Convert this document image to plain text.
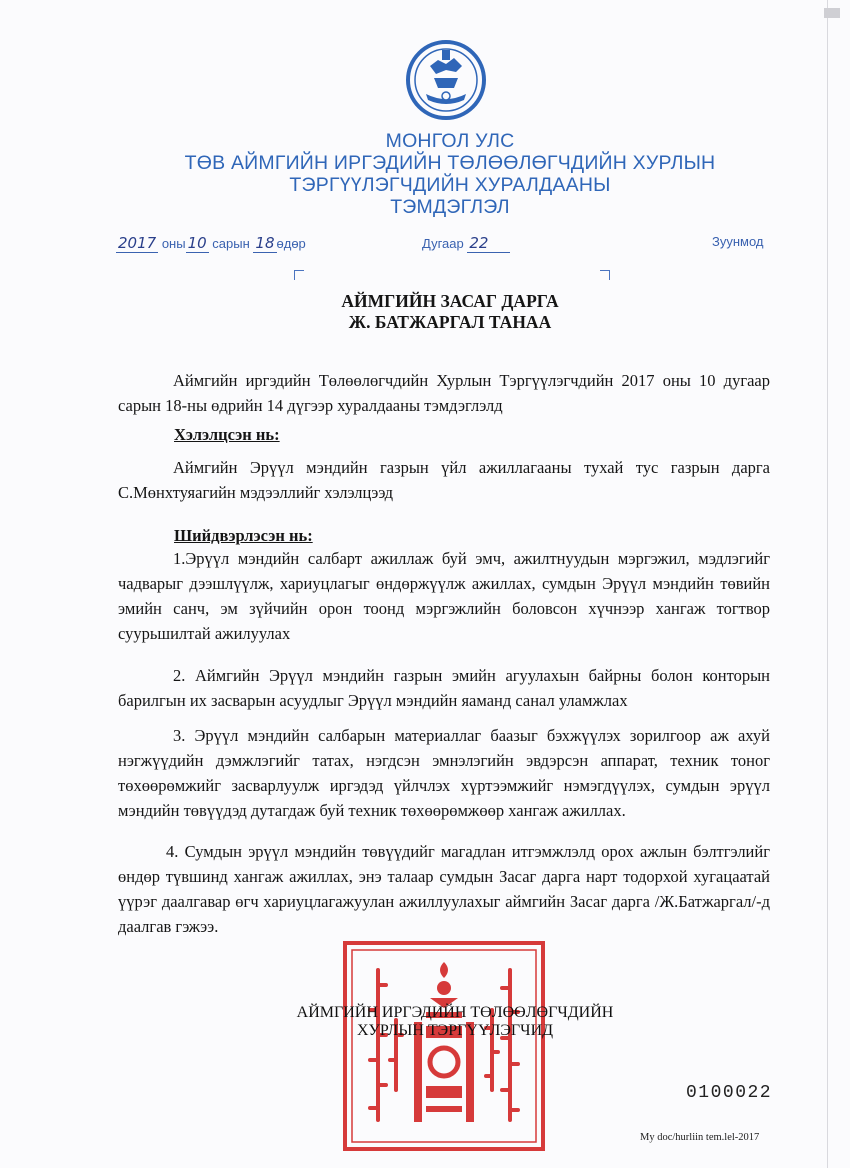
МОНГОЛ УЛС
ТӨВ АЙМГИЙН ИРГЭДИЙН ТӨЛӨӨЛӨГЧДИЙН ХУРЛЫН
ТЭРГҮҮЛЭГЧДИЙН ХУРАЛДААНЫ
ТЭМДЭГЛЭЛ
2017 оны 10 сарын 18 өдөр	Дугаар 22	Зуунмод
АЙМГИЙН ЗАСАГ ДАРГА
Ж. БАТЖАРГАЛ ТАНАА
Аймгийн иргэдийн Төлөөлөгчдийн Хурлын Тэргүүлэгчдийн 2017 оны 10 дугаар сарын 18-ны өдрийн 14 дүгээр хуралдааны тэмдэглэлд
Хэлэлцсэн нь:
Аймгийн Эрүүл мэндийн газрын үйл ажиллагааны тухай тус газрын дарга С.Мөнхтуяагийн мэдээллийг хэлэлцээд
Шийдвэрлэсэн нь:
1.Эрүүл мэндийн салбарт ажиллаж буй эмч, ажилтнуудын мэргэжил, мэдлэгийг чадварыг дээшлүүлж, хариуцлагыг өндөржүүлж ажиллах, сумдын Эрүүл мэндийн төвийн эмийн санч, эм зүйчийн орон тоонд мэргэжлийн боловсон хүчнээр хангаж тогтвор суурьшилтай ажилуулах
2. Аймгийн Эрүүл мэндийн газрын эмийн агуулахын байрны болон конторын барилгын их засварын асуудлыг Эрүүл мэндийн яаманд санал уламжлах
3. Эрүүл мэндийн салбарын материаллаг баазыг бэхжүүлэх зорилгоор аж ахуй нэгжүүдийн дэмжлэгийг татах, нэгдсэн эмнэлэгийн эвдэрсэн аппарат, техник тоног төхөөрөмжийг засварлуулж иргэдэд үйлчлэх хүртээмжийг нэмэгдүүлэх, сумдын эрүүл мэндийн төвүүдэд дутагдаж буй техник төхөөрөмжөөр хангаж ажиллах.
4. Сумдын эрүүл мэндийн төвүүдийг магадлан итгэмжлэлд орох ажлын бэлтгэлийг өндөр түвшинд хангаж ажиллах, энэ талаар сумдын Засаг дарга нарт тодорхой хугацаатай үүрэг даалгавар өгч хариуцлагажуулан ажиллуулахыг аймгийн Засаг дарга /Ж.Батжаргал/-д даалгав гэжээ.
АЙМГИЙН ИРГЭДИЙН ТӨЛӨӨЛӨГЧДИЙН
ХУРЛЫН ТЭРГҮҮЛЭГЧИД
0100022
My doc/hurliin tem.lel-2017
